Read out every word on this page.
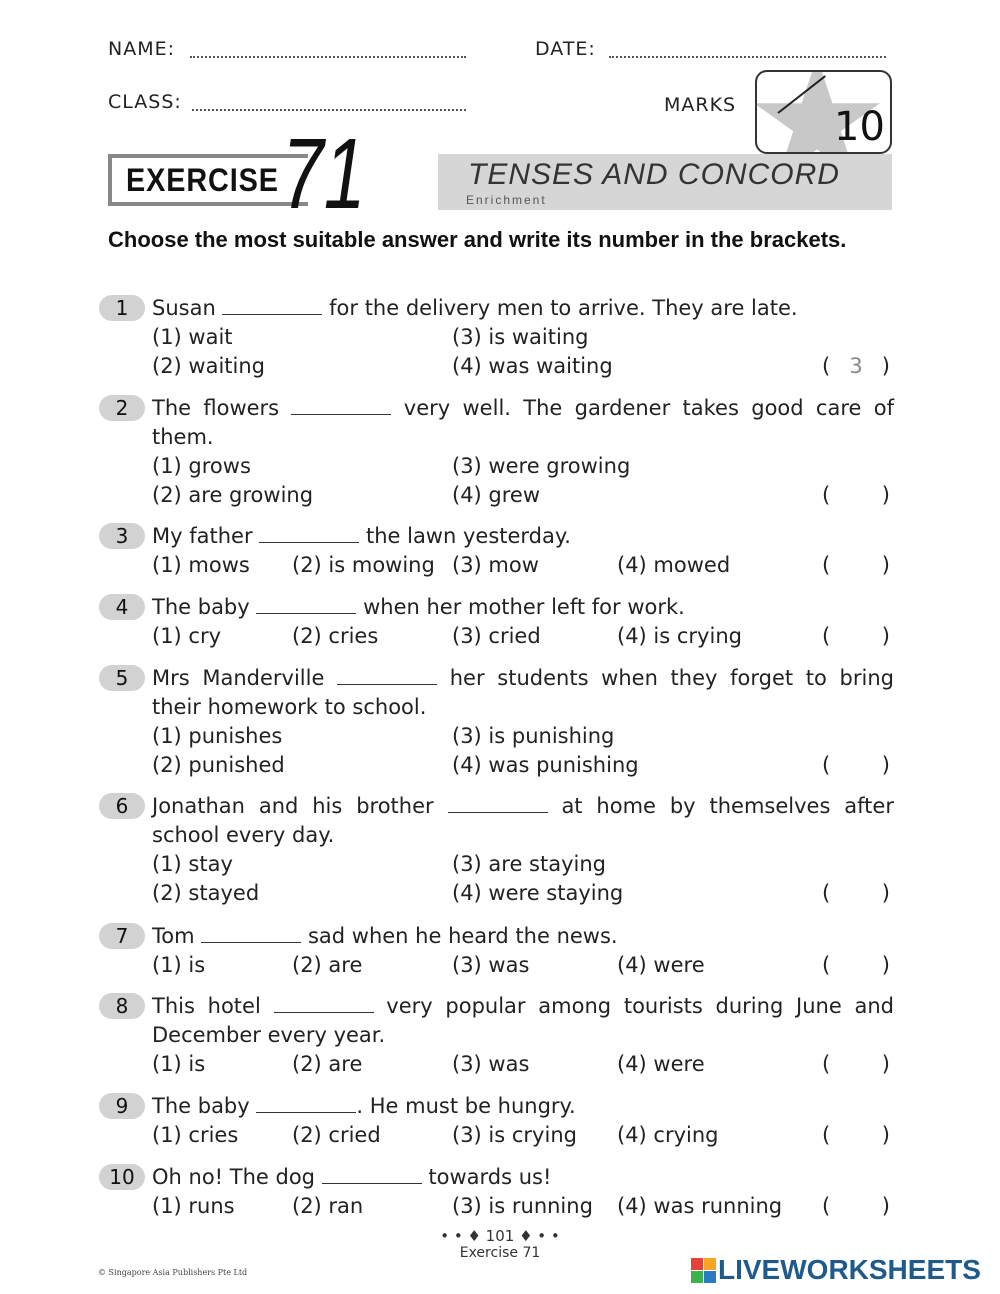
NAME:	DATE:
CLASS:	MARKS 10
EXERCISE 71	TENSES AND CONCORD
Enrichment
Choose the most suitable answer and write its number in the brackets.
1	Susan	for the delivery men to arrive. They are late.
(1) wait
(2) waiting
(3) is waiting
(4) was waiting	( 3 )
2	The flowers	very well. The gardener takes good care of them.
(1) grows
(2) are growing
(3) were growing
(4) grew	( )
3	My father	the lawn yesterday.
(1) mows (2) is mowing (3) mow	(4) mowed	( )
4	The baby	when her mother left for work.
(1) cry	(2) cries	(3) cried	(4) is crying	( )
5	Mrs Manderville	her students when they forget to bring their homework to school.
(1) punishes
(2) punished
(3) is punishing
(4) was punishing	( )
6	Jonathan and his brother	at home by themselves after school every day.
(1) stay
(2) stayed
(3) are staying
(4) were staying	( )
7	Tom	sad when he heard the news.
(1) is	(2) are	(3) was	(4) were	( )
8	This hotel	very popular among tourists during June and December every year.
(1) is	(2) are	(3) was	(4) were	( )
9	The baby	. He must be hungry.
(1) cries	(2) cried	(3) is crying (4) crying	( )
10 Oh no! The dog	towards us!
(1) runs	(2) ran	(3) is running (4) was running ( )
• • ♦ 101 ♦ • •
Exercise 71
© Singapore Asia Publishers Pte Ltd	LIVEWORKSHEETS
